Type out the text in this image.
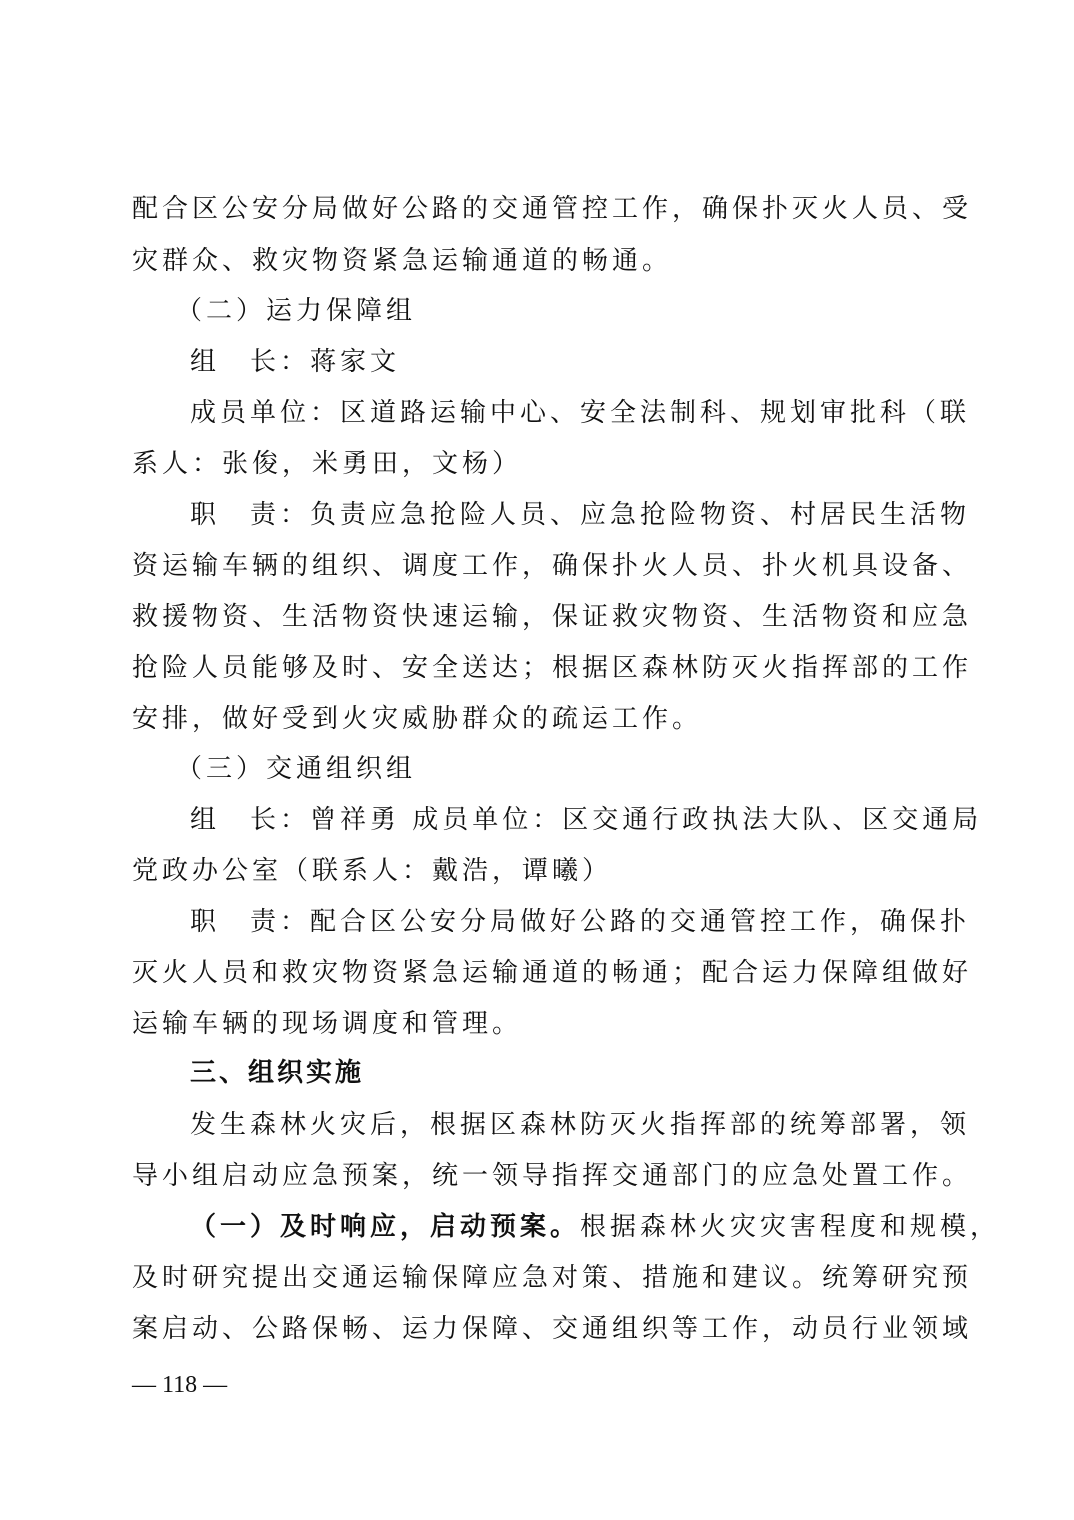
配合区公安分局做好公路的交通管控工作，确保扑灭火人员、受
灾群众、救灾物资紧急运输通道的畅通。
（二）运力保障组
组　长：蒋家文
成员单位：区道路运输中心、安全法制科、规划审批科（联
系人：张俊，米勇田，文杨）
职　责：负责应急抢险人员、应急抢险物资、村居民生活物
资运输车辆的组织、调度工作，确保扑火人员、扑火机具设备、
救援物资、生活物资快速运输，保证救灾物资、生活物资和应急
抢险人员能够及时、安全送达；根据区森林防灭火指挥部的工作
安排，做好受到火灾威胁群众的疏运工作。
（三）交通组织组
组　长：曾祥勇 成员单位：区交通行政执法大队、区交通局
党政办公室（联系人：戴浩，谭曦）
职　责：配合区公安分局做好公路的交通管控工作，确保扑
灭火人员和救灾物资紧急运输通道的畅通；配合运力保障组做好
运输车辆的现场调度和管理。
三、组织实施
发生森林火灾后，根据区森林防灭火指挥部的统筹部署，领
导小组启动应急预案，统一领导指挥交通部门的应急处置工作。
（一）及时响应，启动预案。根据森林火灾灾害程度和规模，
及时研究提出交通运输保障应急对策、措施和建议。统筹研究预
案启动、公路保畅、运力保障、交通组织等工作，动员行业领域
— 118 —
